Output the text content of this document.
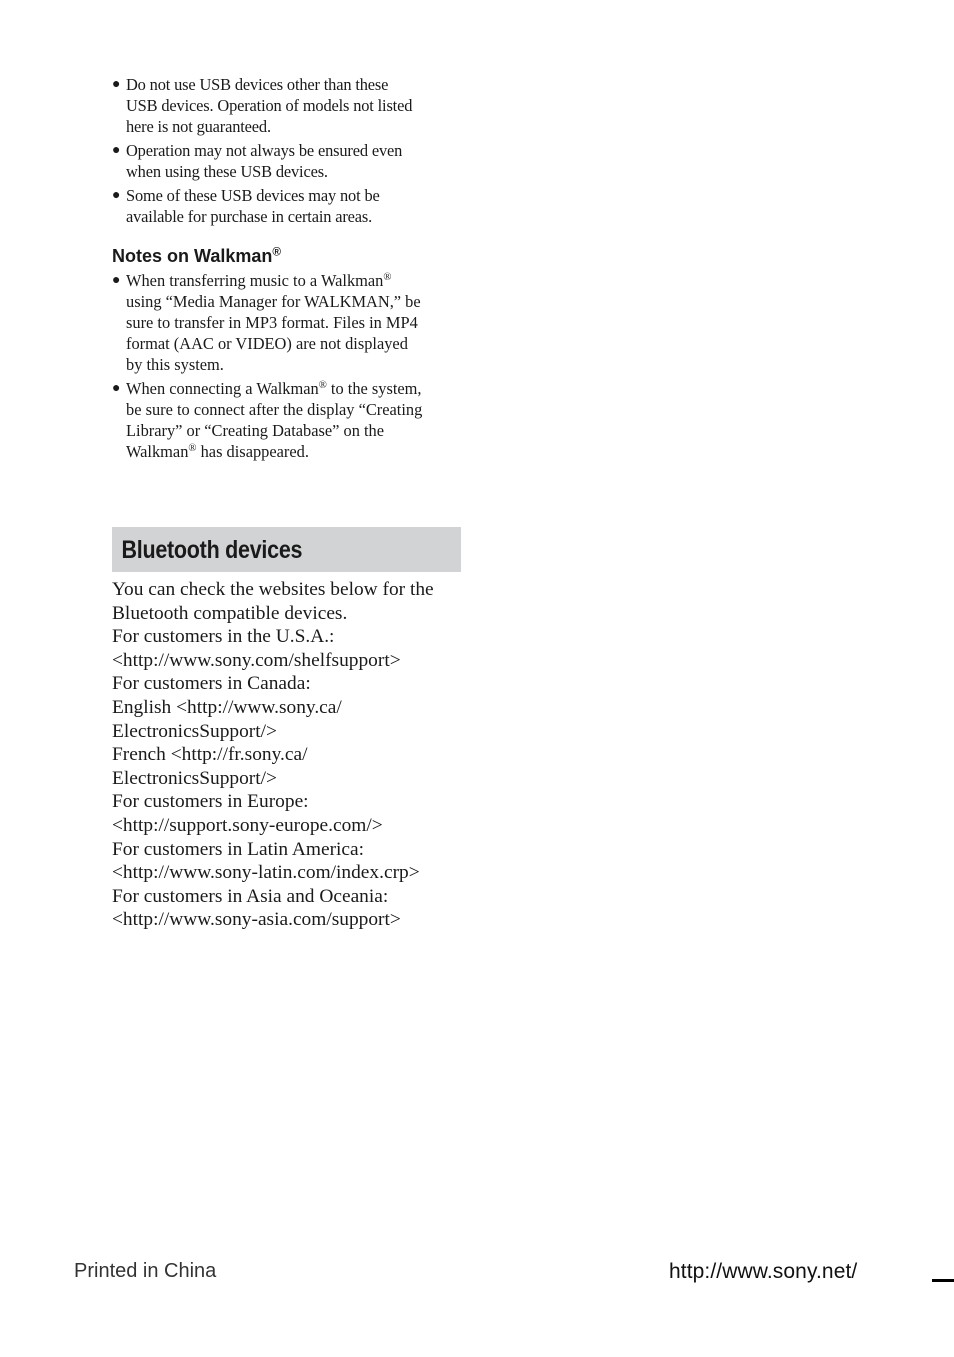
● Do not use USB devices other than these
USB devices. Operation of models not listed
here is not guaranteed.
● Operation may not always be ensured even
when using these USB devices.
● Some of these USB devices may not be
available for purchase in certain areas.
Notes on Walkman®
● When transferring music to a Walkman®
using “Media Manager for WALKMAN,” be
sure to transfer in MP3 format. Files in MP4
format (AAC or VIDEO) are not displayed
by this system.
● When connecting a Walkman® to the system,
be sure to connect after the display “Creating
Library” or “Creating Database” on the
Walkman® has disappeared.
Bluetooth devices
You can check the websites below for the
Bluetooth compatible devices.
For customers in the U.S.A.:
<http://www.sony.com/shelfsupport>
For customers in Canada:
English <http://www.sony.ca/
ElectronicsSupport/>
French <http://fr.sony.ca/
ElectronicsSupport/>
For customers in Europe:
<http://support.sony-europe.com/>
For customers in Latin America:
<http://www.sony-latin.com/index.crp>
For customers in Asia and Oceania:
<http://www.sony-asia.com/support>
Printed in China	http://www.sony.net/
